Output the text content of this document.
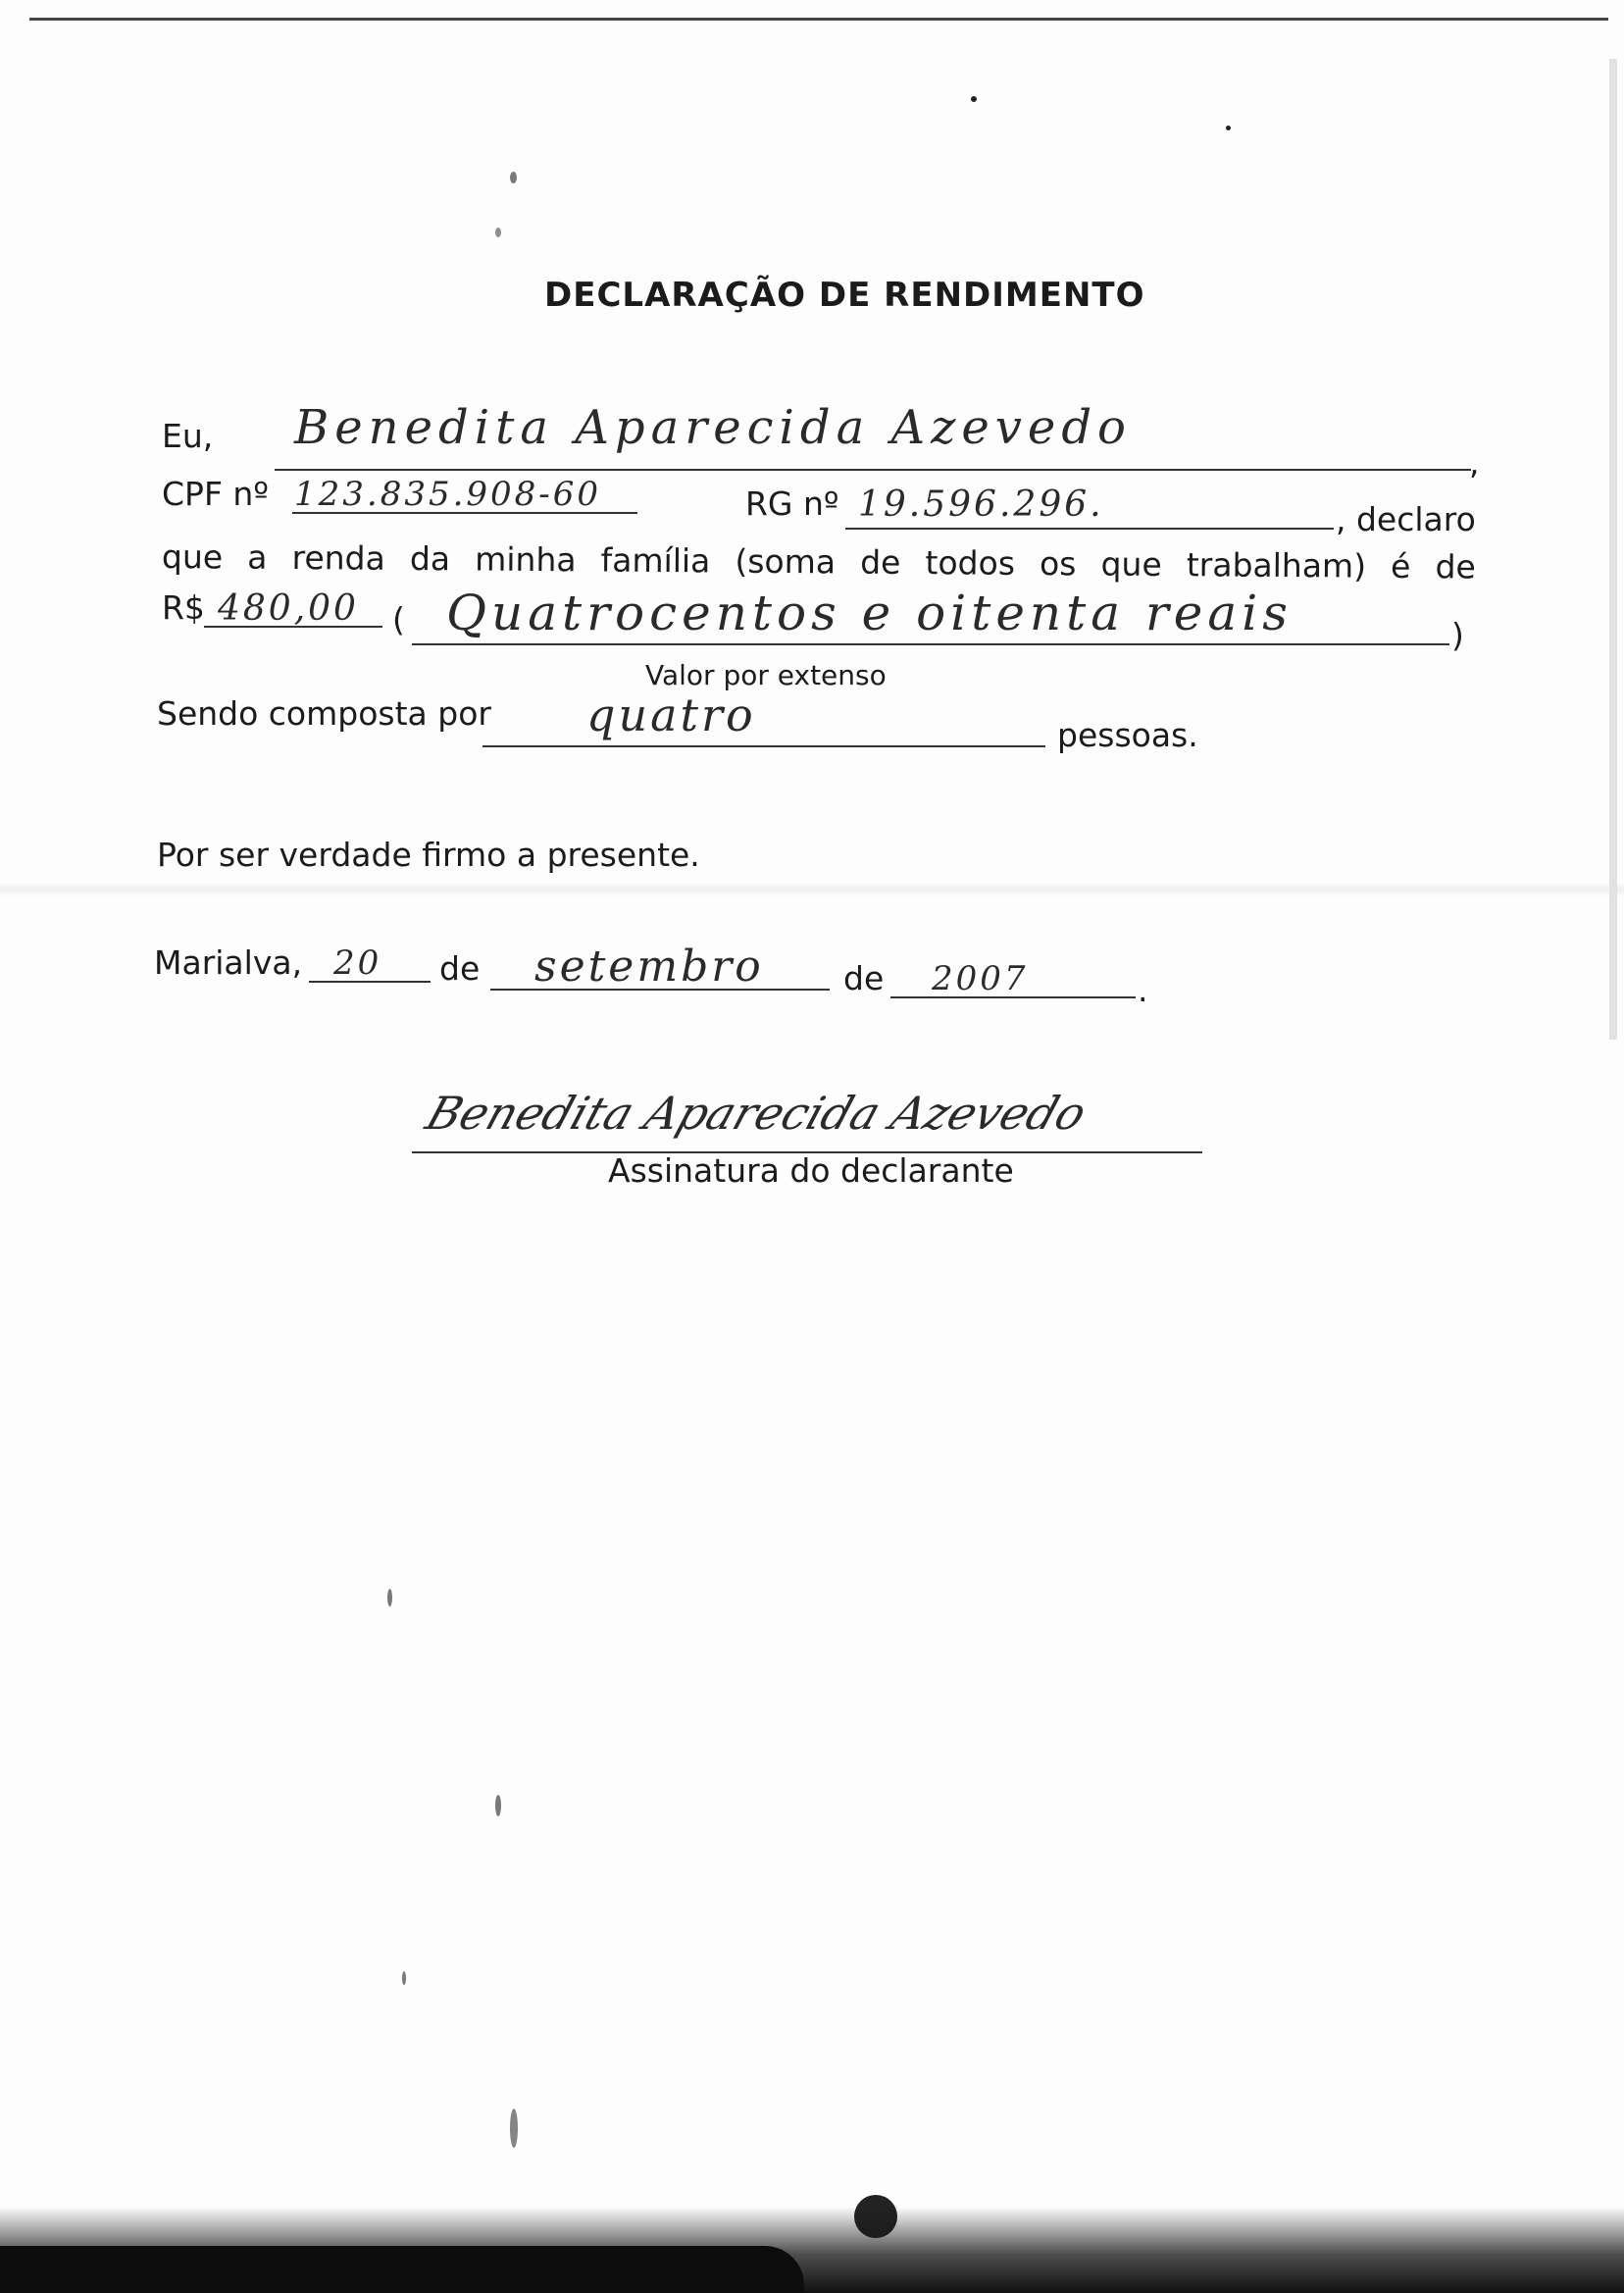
DECLARAÇÃO DE RENDIMENTO
Eu, Benedita Aparecida Azevedo
,
CPF nº 123.835.908-60	RG nº 19.596.296.	, declaro
que a renda da minha família (soma de todos os que trabalham) é de
R$ 480,00 ( Quatrocentos e oitenta reais	)
Valor por extenso
Sendo composta por quatro	pessoas.
Por ser verdade firmo a presente.
Marialva, 20 de setembro de 2007	.
Benedita Aparecida Azevedo
Assinatura do declarante
